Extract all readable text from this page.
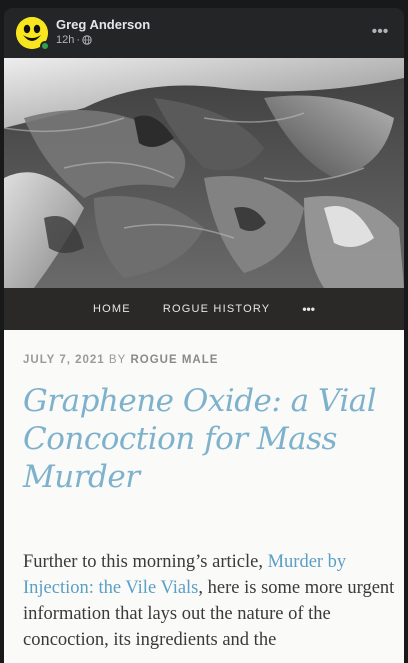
Greg Anderson
12h ·	•••
HOME	ROGUE HISTORY	•••
JULY 7, 2021 BY ROGUE MALE
Graphene Oxide: a Vial Concoction for Mass Murder

Further to this morning’s article, Murder by Injection: the Vile Vials, here is some more urgent information that lays out the nature of the concoction, its ingredients and the
